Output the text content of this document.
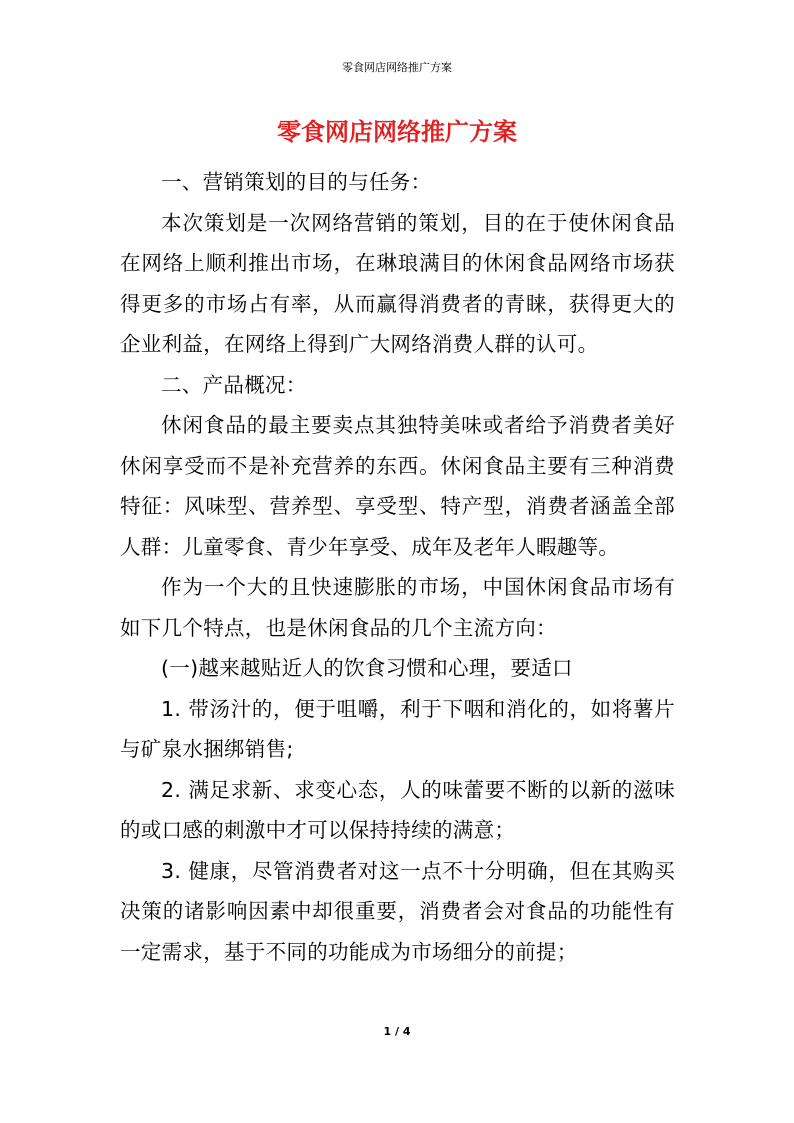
零食网店网络推广方案
零食网店网络推广方案

一、营销策划的目的与任务：

本次策划是一次网络营销的策划，目的在于使休闲食品在网络上顺利推出市场，在琳琅满目的休闲食品网络市场获得更多的市场占有率，从而赢得消费者的青睐，获得更大的企业利益，在网络上得到广大网络消费人群的认可。

二、产品概况：

休闲食品的最主要卖点其独特美味或者给予消费者美好休闲享受而不是补充营养的东西。休闲食品主要有三种消费特征：风味型、营养型、享受型、特产型，消费者涵盖全部人群：儿童零食、青少年享受、成年及老年人暇趣等。

作为一个大的且快速膨胀的市场，中国休闲食品市场有如下几个特点，也是休闲食品的几个主流方向：

(一)越来越贴近人的饮食习惯和心理，要适口

1. 带汤汁的，便于咀嚼，利于下咽和消化的，如将薯片与矿泉水捆绑销售;

2. 满足求新、求变心态，人的味蕾要不断的以新的滋味的或口感的刺激中才可以保持持续的满意；

3. 健康，尽管消费者对这一点不十分明确，但在其购买决策的诸影响因素中却很重要，消费者会对食品的功能性有一定需求，基于不同的功能成为市场细分的前提；

1 / 4
